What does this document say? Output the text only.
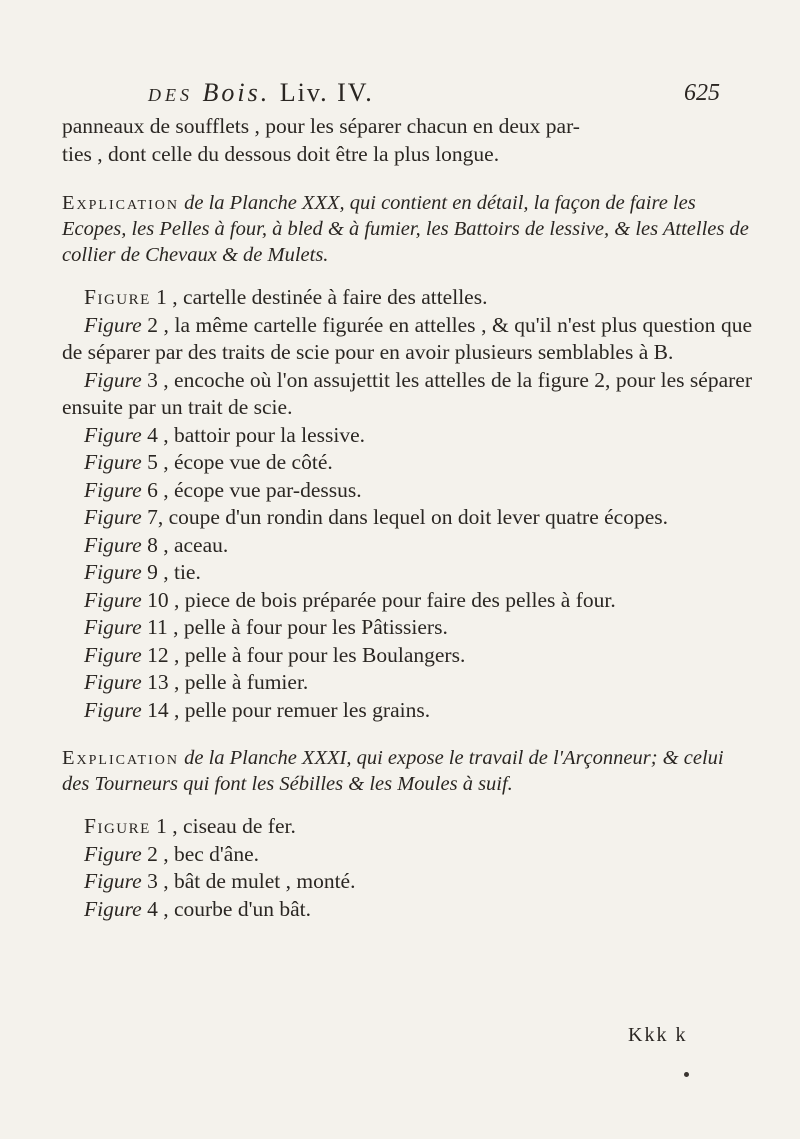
DES Bois. Liv. IV.	625

panneaux de soufflets , pour les séparer chacun en deux par-

ties , dont celle du dessous doit être la plus longue.

Explication de la Planche XXX, qui contient en détail, la façon de faire les Ecopes, les Pelles à four, à bled & à fumier, les Battoirs de lessive, & les Attelles de collier de Chevaux & de Mulets.

Figure 1 , cartelle destinée à faire des attelles.

Figure 2 , la même cartelle figurée en attelles , & qu'il n'est plus question que de séparer par des traits de scie pour en avoir plusieurs semblables à B.

Figure 3 , encoche où l'on assujettit les attelles de la figure 2, pour les séparer ensuite par un trait de scie.

Figure 4 , battoir pour la lessive.

Figure 5 , écope vue de côté.

Figure 6 , écope vue par-dessus.

Figure 7, coupe d'un rondin dans lequel on doit lever quatre écopes.

Figure 8 , aceau.

Figure 9 , tie.

Figure 10 , piece de bois préparée pour faire des pelles à four.

Figure 11 , pelle à four pour les Pâtissiers.

Figure 12 , pelle à four pour les Boulangers.

Figure 13 , pelle à fumier.

Figure 14 , pelle pour remuer les grains.

Explication de la Planche XXXI, qui expose le travail de l'Arçonneur; & celui des Tourneurs qui font les Sébilles & les Moules à suif.

Figure 1 , ciseau de fer.

Figure 2 , bec d'âne.

Figure 3 , bât de mulet , monté.

Figure 4 , courbe d'un bât.

Kkk k
